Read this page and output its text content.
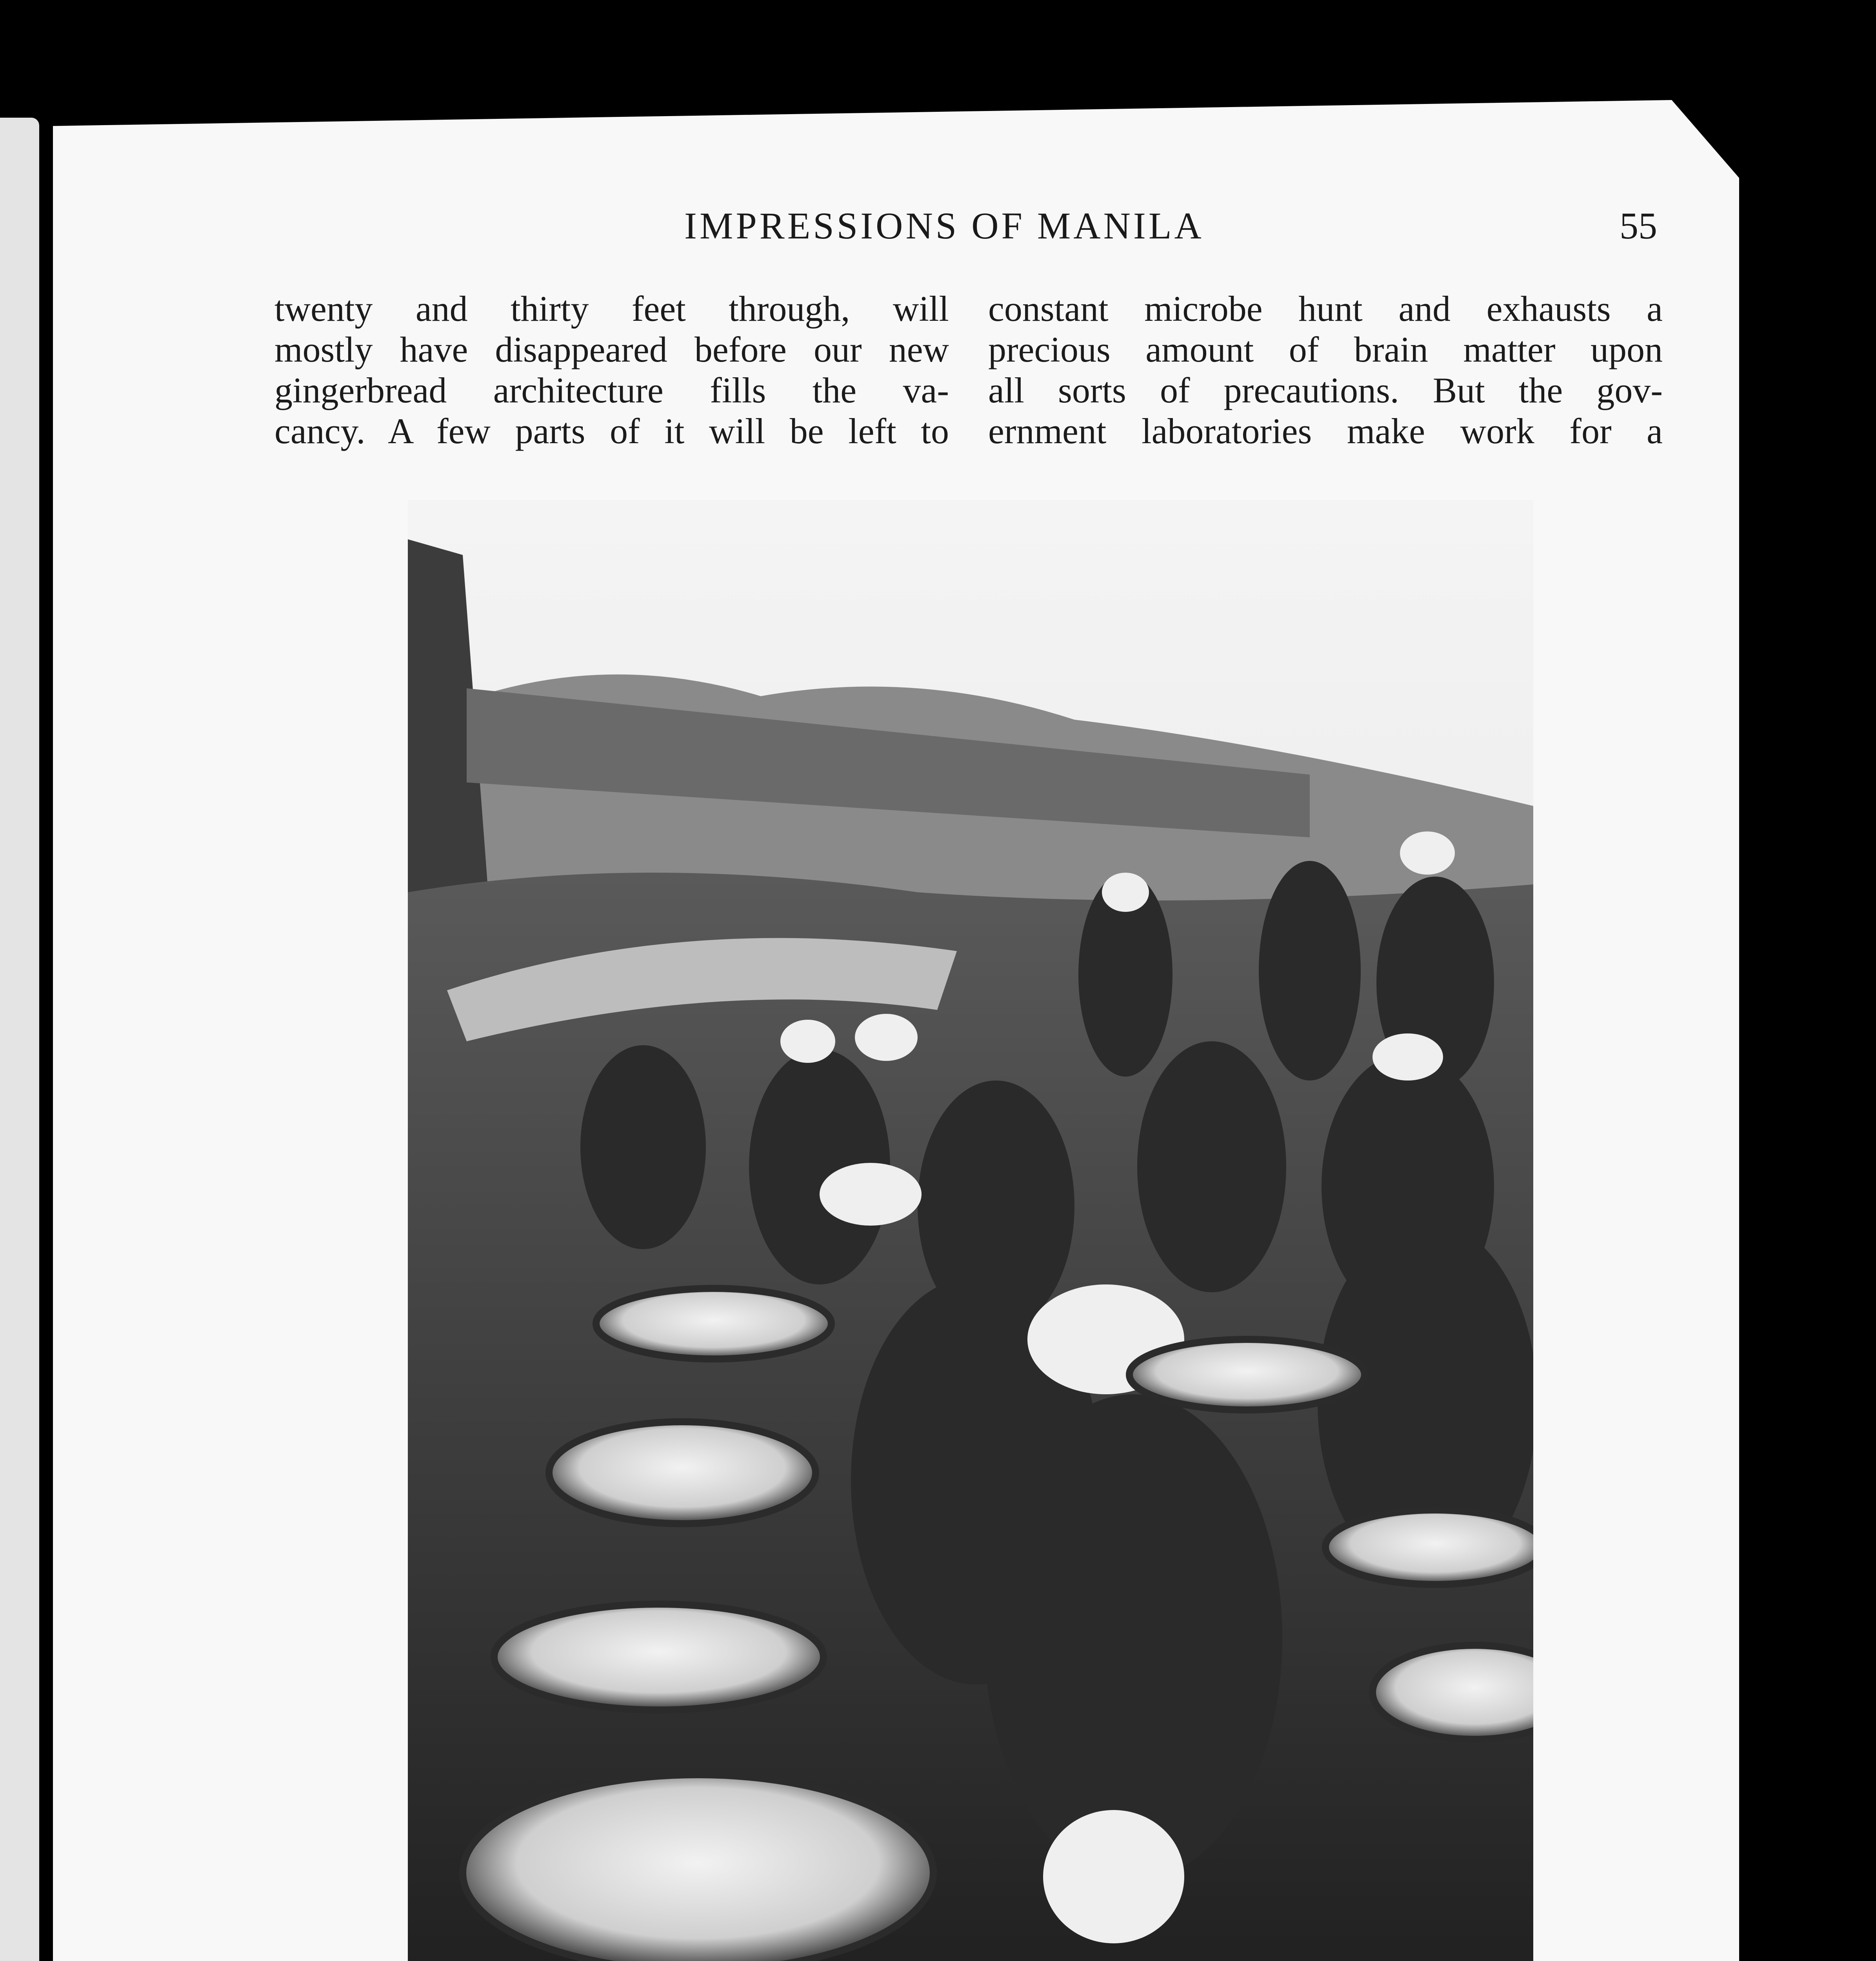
IMPRESSIONS OF MANILA	55
twenty and thirty feet through, will
mostly have disappeared before our new
gingerbread architecture fills the va-
cancy. A few parts of it will be left to
constant microbe hunt and exhausts a
precious amount of brain matter upon
all sorts of precautions. But the gov-
ernment laboratories make work for a
